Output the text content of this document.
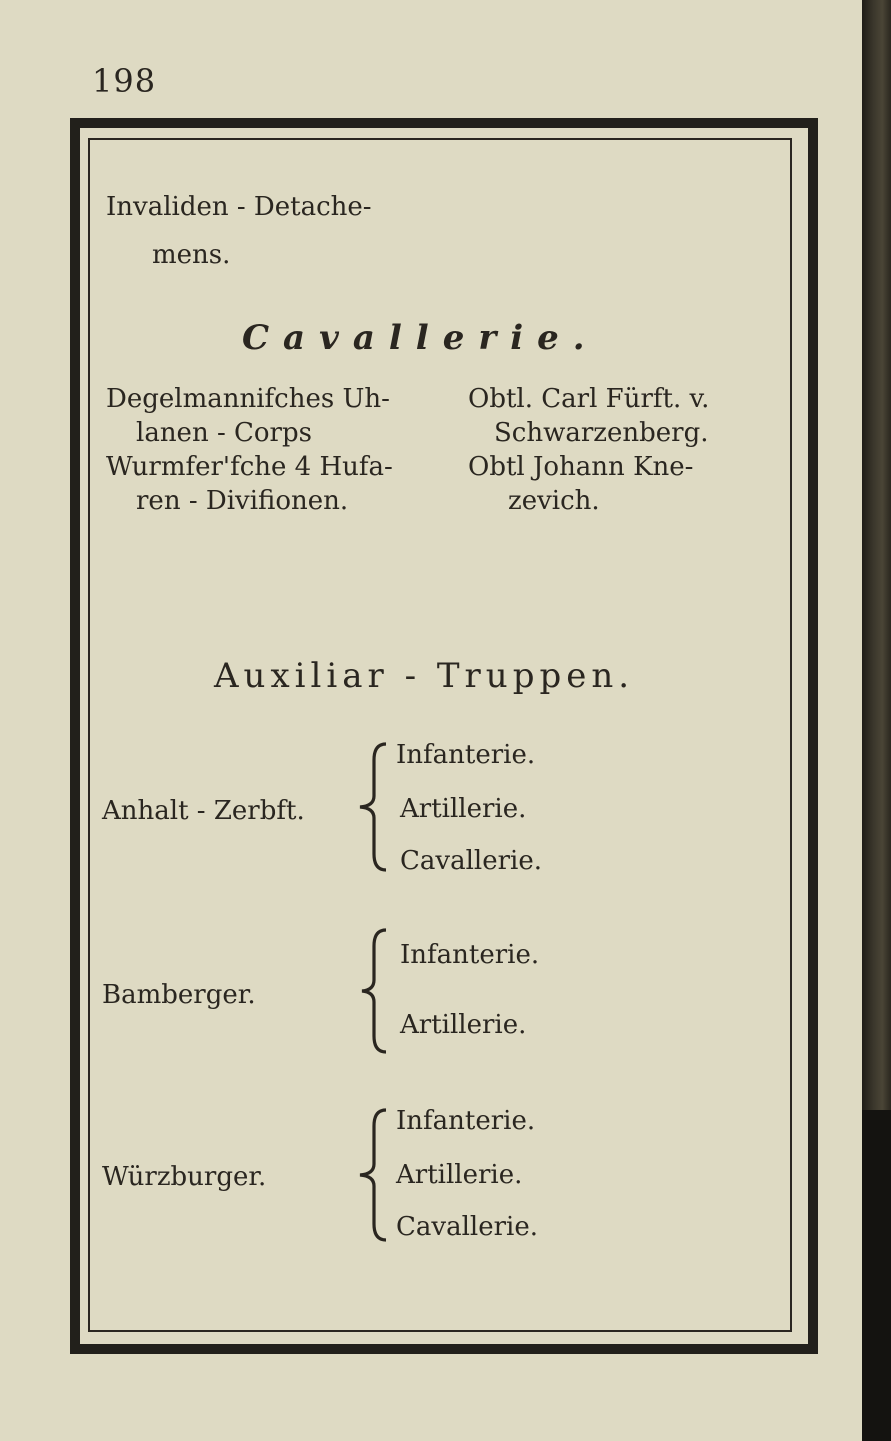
198
Invaliden - Detache-
mens.
Cavallerie.
Degelmannifches Uh-
lanen - Corps
Obtl. Carl Fürft. v.
Schwarzenberg.
Wurmfer'fche 4 Hufa-
ren - Divifionen.
Obtl Johann Kne-
zevich.
Auxiliar - Truppen.
Anhalt - Zerbft.
Infanterie.
Artillerie.
Cavallerie.
Bamberger.
Infanterie.
Artillerie.
Würzburger.
Infanterie.
Artillerie.
Cavallerie.
